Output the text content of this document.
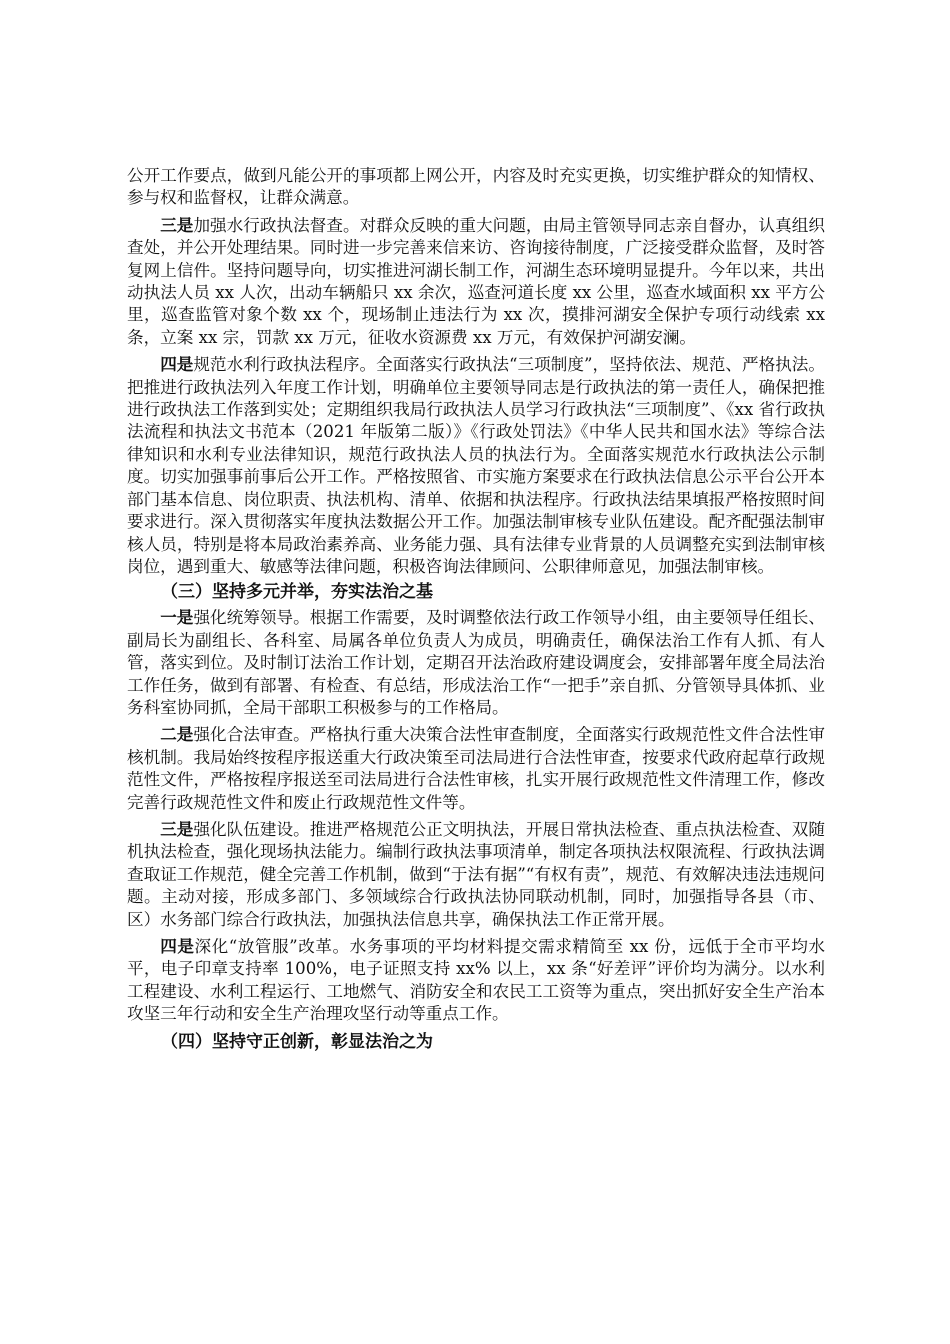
公开工作要点，做到凡能公开的事项都上网公开，内容及时充实更换，切实维护群众的知情权、参与权和监督权，让群众满意。

三是加强水行政执法督查。对群众反映的重大问题，由局主管领导同志亲自督办，认真组织查处，并公开处理结果。同时进一步完善来信来访、咨询接待制度，广泛接受群众监督，及时答复网上信件。坚持问题导向，切实推进河湖长制工作，河湖生态环境明显提升。今年以来，共出动执法人员 xx 人次，出动车辆船只 xx 余次，巡查河道长度 xx 公里，巡查水域面积 xx 平方公里，巡查监管对象个数 xx 个，现场制止违法行为 xx 次，摸排河湖安全保护专项行动线索 xx 条，立案 xx 宗，罚款 xx 万元，征收水资源费 xx 万元，有效保护河湖安澜。

四是规范水利行政执法程序。全面落实行政执法“三项制度”，坚持依法、规范、严格执法。把推进行政执法列入年度工作计划，明确单位主要领导同志是行政执法的第一责任人，确保把推进行政执法工作落到实处；定期组织我局行政执法人员学习行政执法“三项制度”、《xx 省行政执法流程和执法文书范本（2021 年版第二版）》《行政处罚法》《中华人民共和国水法》等综合法律知识和水利专业法律知识，规范行政执法人员的执法行为。全面落实规范水行政执法公示制度。切实加强事前事后公开工作。严格按照省、市实施方案要求在行政执法信息公示平台公开本部门基本信息、岗位职责、执法机构、清单、依据和执法程序。行政执法结果填报严格按照时间要求进行。深入贯彻落实年度执法数据公开工作。加强法制审核专业队伍建设。配齐配强法制审核人员，特别是将本局政治素养高、业务能力强、具有法律专业背景的人员调整充实到法制审核岗位，遇到重大、敏感等法律问题，积极咨询法律顾问、公职律师意见，加强法制审核。

（三）坚持多元并举，夯实法治之基

一是强化统筹领导。根据工作需要，及时调整依法行政工作领导小组，由主要领导任组长、副局长为副组长、各科室、局属各单位负责人为成员，明确责任，确保法治工作有人抓、有人管，落实到位。及时制订法治工作计划，定期召开法治政府建设调度会，安排部署年度全局法治工作任务，做到有部署、有检查、有总结，形成法治工作“一把手”亲自抓、分管领导具体抓、业务科室协同抓，全局干部职工积极参与的工作格局。

二是强化合法审查。严格执行重大决策合法性审查制度，全面落实行政规范性文件合法性审核机制。我局始终按程序报送重大行政决策至司法局进行合法性审查，按要求代政府起草行政规范性文件，严格按程序报送至司法局进行合法性审核，扎实开展行政规范性文件清理工作，修改完善行政规范性文件和废止行政规范性文件等。

三是强化队伍建设。推进严格规范公正文明执法，开展日常执法检查、重点执法检查、双随机执法检查，强化现场执法能力。编制行政执法事项清单，制定各项执法权限流程、行政执法调查取证工作规范，健全完善工作机制，做到“于法有据”“有权有责”，规范、有效解决违法违规问题。主动对接，形成多部门、多领域综合行政执法协同联动机制，同时，加强指导各县（市、区）水务部门综合行政执法，加强执法信息共享，确保执法工作正常开展。

四是深化“放管服”改革。水务事项的平均材料提交需求精简至 xx 份，远低于全市平均水平，电子印章支持率 100%，电子证照支持 xx% 以上，xx 条“好差评”评价均为满分。以水利工程建设、水利工程运行、工地燃气、消防安全和农民工工资等为重点，突出抓好安全生产治本攻坚三年行动和安全生产治理攻坚行动等重点工作。

（四）坚持守正创新，彰显法治之为
